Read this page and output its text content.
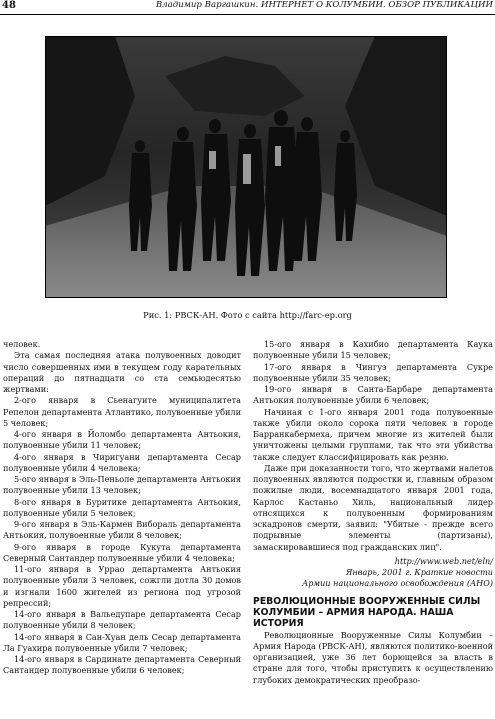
48	Владимир Варгашкин. ИНТЕРНЕТ О КОЛУМБИИ. ОБЗОР ПУБЛИКАЦИЙ
Рис. 1: РВСК-АН. Фото с сайта http://farc-ep.org

человек.

Эта самая последняя атака полувоенных доводит число совершенных ими в текущем году карательных операций до пятнадцати со ста семьюдесятью жертвами:

2-ого января в Сьенагуите муниципалитета Репелон департамента Атлантико, полувоенные убили 5 человек;

4-ого января в Йоломбо департамента Антьокия, полувоенные убили 11 человек;

4-ого января в Чиригуани департамента Сесар полувоенные убили 4 человека;

5-ого января в Эль-Пеньоле департамента Антьокия полувоенные убили 13 человек;

8-ого января в Буритике департамента Антьокия, полувоенные убили 5 человек;

9-ого января в Эль-Кармен Вибораль департамента Антьокия, полувоенные убили 8 человек;

9-ого января в городе Кукута департамента Северный Сантандер полувоенные убили 4 человека;

11-ого января в Уррао департамента Антьокия полувоенные убили 3 человек, сожгли дотла 30 домов и изгнали 1600 жителей из региона под угрозой репрессий;

14-ого января в Вальедупаре департамента Сесар полувоенные убили 8 человек;

14-ого января в Сан-Хуан дель Сесар департамента Ла Гуахира полувоенные убили 7 человек;

14-ого января в Сардинате департамента Северный Сантандер полувоенные убили 6 человек;

15-ого января в Кахибио департамента Каука полувоенные убили 15 человек;

17-ого января в Чингуэ департамента Сукре полувоенные убили 35 человек;

19-ого января в Санта-Барбаре департамента Антьокия полувоенные убили 6 человек;

Начиная с 1-ого января 2001 года полувоенные также убили около сорока пяти человек в городе Барранкабермеха, причем многие из жителей были уничтожены целыми группами, так что эти убийства также следует классифицировать как резню.

Даже при доказанности того, что жертвами налетов полувоенных являются подростки и, главным образом пожилые люди, восемнадцатого января 2001 года, Карлос Кастаньо Хиль, национальный лидер отнсящихся к полувоенным формированиям эскадронов смерти, заявил: "Убитые - прежде всего подрывные элементы (партизаны), замаскировавшиеся под гражданских лиц".

http://www.web.net/eln/
Январь, 2001 г. Краткие новости
Армии национального освобождения (АНО)
РЕВОЛЮЦИОННЫЕ ВООРУЖЕННЫЕ СИЛЫ КОЛУМБИИ – АРМИЯ НАРОДА. НАША ИСТОРИЯ

Революционные Вооруженные Силы Колумбии – Армия Народа (РВСК-АН), являются политико-военной организацией, уже 36 лет борющейся за власть в стране для того, чтобы приступить к осуществлению глубоких демократических преобразо-
